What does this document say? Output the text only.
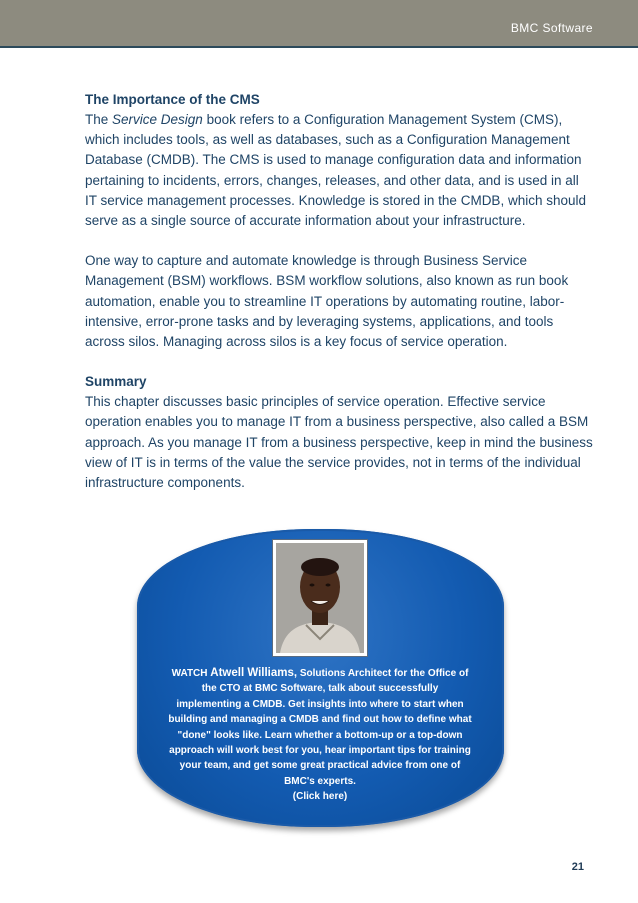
BMC Software
The Importance of the CMS

The Service Design book refers to a Configuration Management System (CMS), which includes tools, as well as databases, such as a Configuration Management Database (CMDB). The CMS is used to manage configuration data and information pertaining to incidents, errors, changes, releases, and other data, and is used in all IT service management processes. Knowledge is stored in the CMDB, which should serve as a single source of accurate information about your infrastructure.

One way to capture and automate knowledge is through Business Service Management (BSM) workflows. BSM workflow solutions, also known as run book automation, enable you to streamline IT operations by automating routine, labor-intensive, error-prone tasks and by leveraging systems, applications, and tools across silos. Managing across silos is a key focus of service operation.

Summary

This chapter discusses basic principles of service operation. Effective service operation enables you to manage IT from a business perspective, also called a BSM approach. As you manage IT from a business perspective, keep in mind the business view of IT is in terms of the value the service provides, not in terms of the individual infrastructure components.

WATCH Atwell Williams, Solutions Architect for the Office of the CTO at BMC Software, talk about successfully implementing a CMDB. Get insights into where to start when building and managing a CMDB and find out how to define what "done" looks like. Learn whether a bottom-up or a top-down approach will work best for you, hear important tips for training your team, and get some great practical advice from one of BMC's experts.
(Click here)
21
